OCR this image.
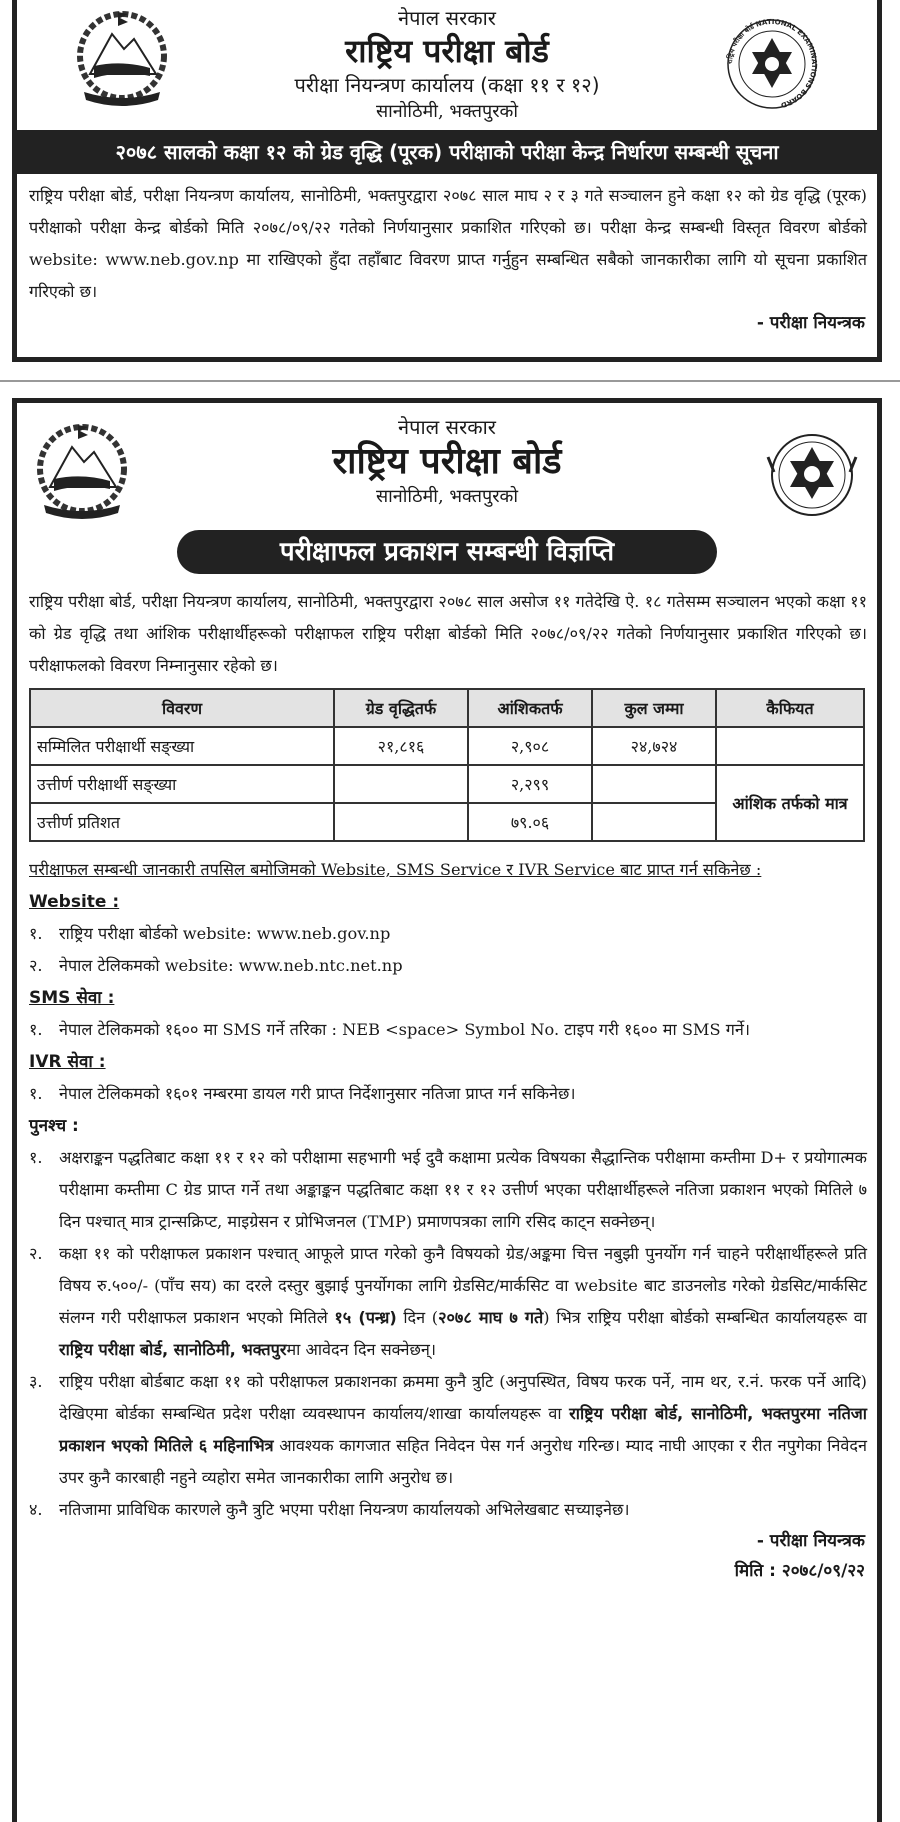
राष्ट्रिय परीक्षा बोर्ड NATIONAL EXAMINATIONS BOARD
नेपाल सरकार
राष्ट्रिय परीक्षा बोर्ड
परीक्षा नियन्त्रण कार्यालय (कक्षा ११ र १२)
सानोठिमी, भक्तपुरको
२०७८ सालको कक्षा १२ को ग्रेड वृद्धि (पूरक) परीक्षाको परीक्षा केन्द्र निर्धारण सम्बन्धी सूचना
राष्ट्रिय परीक्षा बोर्ड, परीक्षा नियन्त्रण कार्यालय, सानोठिमी, भक्तपुरद्वारा २०७८ साल माघ २ र ३ गते सञ्चालन हुने कक्षा १२ को ग्रेड वृद्धि (पूरक) परीक्षाको परीक्षा केन्द्र बोर्डको मिति २०७८/०९/२२ गतेको निर्णयानुसार प्रकाशित गरिएको छ। परीक्षा केन्द्र सम्बन्धी विस्तृत विवरण बोर्डको website: www.neb.gov.np मा राखिएको हुँदा तहाँबाट विवरण प्राप्त गर्नुहुन सम्बन्धित सबैको जानकारीका लागि यो सूचना प्रकाशित गरिएको छ।
- परीक्षा नियन्त्रक
नेपाल सरकार
राष्ट्रिय परीक्षा बोर्ड
सानोठिमी, भक्तपुरको
परीक्षाफल प्रकाशन सम्बन्धी विज्ञप्ति
राष्ट्रिय परीक्षा बोर्ड, परीक्षा नियन्त्रण कार्यालय, सानोठिमी, भक्तपुरद्वारा २०७८ साल असोज ११ गतेदेखि ऐ. १८ गतेसम्म सञ्चालन भएको कक्षा ११ को ग्रेड वृद्धि तथा आंशिक परीक्षार्थीहरूको परीक्षाफल राष्ट्रिय परीक्षा बोर्डको मिति २०७८/०९/२२ गतेको निर्णयानुसार प्रकाशित गरिएको छ। परीक्षाफलको विवरण निम्नानुसार रहेको छ।
विवरण	ग्रेड वृद्धितर्फ	आंशिकतर्फ	कुल जम्मा	कैफियत
सम्मिलित परीक्षार्थी सङ्ख्या	२१,८१६	२,९०८	२४,७२४	
उत्तीर्ण परीक्षार्थी सङ्ख्या		२,२९९		आंशिक तर्फको मात्र
उत्तीर्ण प्रतिशत		७९.०६		
परीक्षाफल सम्बन्धी जानकारी तपसिल बमोजिमको Website, SMS Service र IVR Service बाट प्राप्त गर्न सकिनेछ :
Website :
१.	राष्ट्रिय परीक्षा बोर्डको website: www.neb.gov.np
२.	नेपाल टेलिकमको website: www.neb.ntc.net.np
SMS सेवा :
१.	नेपाल टेलिकमको १६०० मा SMS गर्ने तरिका : NEB <space> Symbol No. टाइप गरी १६०० मा SMS गर्ने।
IVR सेवा :
१.	नेपाल टेलिकमको १६०१ नम्बरमा डायल गरी प्राप्त निर्देशानुसार नतिजा प्राप्त गर्न सकिनेछ।
पुनश्च :
१.	अक्षराङ्कन पद्धतिबाट कक्षा ११ र १२ को परीक्षामा सहभागी भई दुवै कक्षामा प्रत्येक विषयका सैद्धान्तिक परीक्षामा कम्तीमा D+ र प्रयोगात्मक परीक्षामा कम्तीमा C ग्रेड प्राप्त गर्ने तथा अङ्काङ्कन पद्धतिबाट कक्षा ११ र १२ उत्तीर्ण भएका परीक्षार्थीहरूले नतिजा प्रकाशन भएको मितिले ७ दिन पश्चात् मात्र ट्रान्सक्रिप्ट, माइग्रेसन र प्रोभिजनल (TMP) प्रमाणपत्रका लागि रसिद काट्न सक्नेछन्।
२.	कक्षा ११ को परीक्षाफल प्रकाशन पश्चात् आफूले प्राप्त गरेको कुनै विषयको ग्रेड/अङ्कमा चित्त नबुझी पुनर्योग गर्न चाहने परीक्षार्थीहरूले प्रति विषय रु.५००/- (पाँच सय) का दरले दस्तुर बुझाई पुनर्योगका लागि ग्रेडसिट/मार्कसिट वा website बाट डाउनलोड गरेको ग्रेडसिट/मार्कसिट संलग्न गरी परीक्षाफल प्रकाशन भएको मितिले १५ (पन्ध्र) दिन (२०७८ माघ ७ गते) भित्र राष्ट्रिय परीक्षा बोर्डको सम्बन्धित कार्यालयहरू वा राष्ट्रिय परीक्षा बोर्ड, सानोठिमी, भक्तपुरमा आवेदन दिन सक्नेछन्।
३.	राष्ट्रिय परीक्षा बोर्डबाट कक्षा ११ को परीक्षाफल प्रकाशनका क्रममा कुनै त्रुटि (अनुपस्थित, विषय फरक पर्ने, नाम थर, र.नं. फरक पर्ने आदि) देखिएमा बोर्डका सम्बन्धित प्रदेश परीक्षा व्यवस्थापन कार्यालय/शाखा कार्यालयहरू वा राष्ट्रिय परीक्षा बोर्ड, सानोठिमी, भक्तपुरमा नतिजा प्रकाशन भएको मितिले ६ महिनाभित्र आवश्यक कागजात सहित निवेदन पेस गर्न अनुरोध गरिन्छ। म्याद नाघी आएका र रीत नपुगेका निवेदन उपर कुनै कारबाही नहुने व्यहोरा समेत जानकारीका लागि अनुरोध छ।
४.	नतिजामा प्राविधिक कारणले कुनै त्रुटि भएमा परीक्षा नियन्त्रण कार्यालयको अभिलेखबाट सच्याइनेछ।
- परीक्षा नियन्त्रक
मिति : २०७८/०९/२२
